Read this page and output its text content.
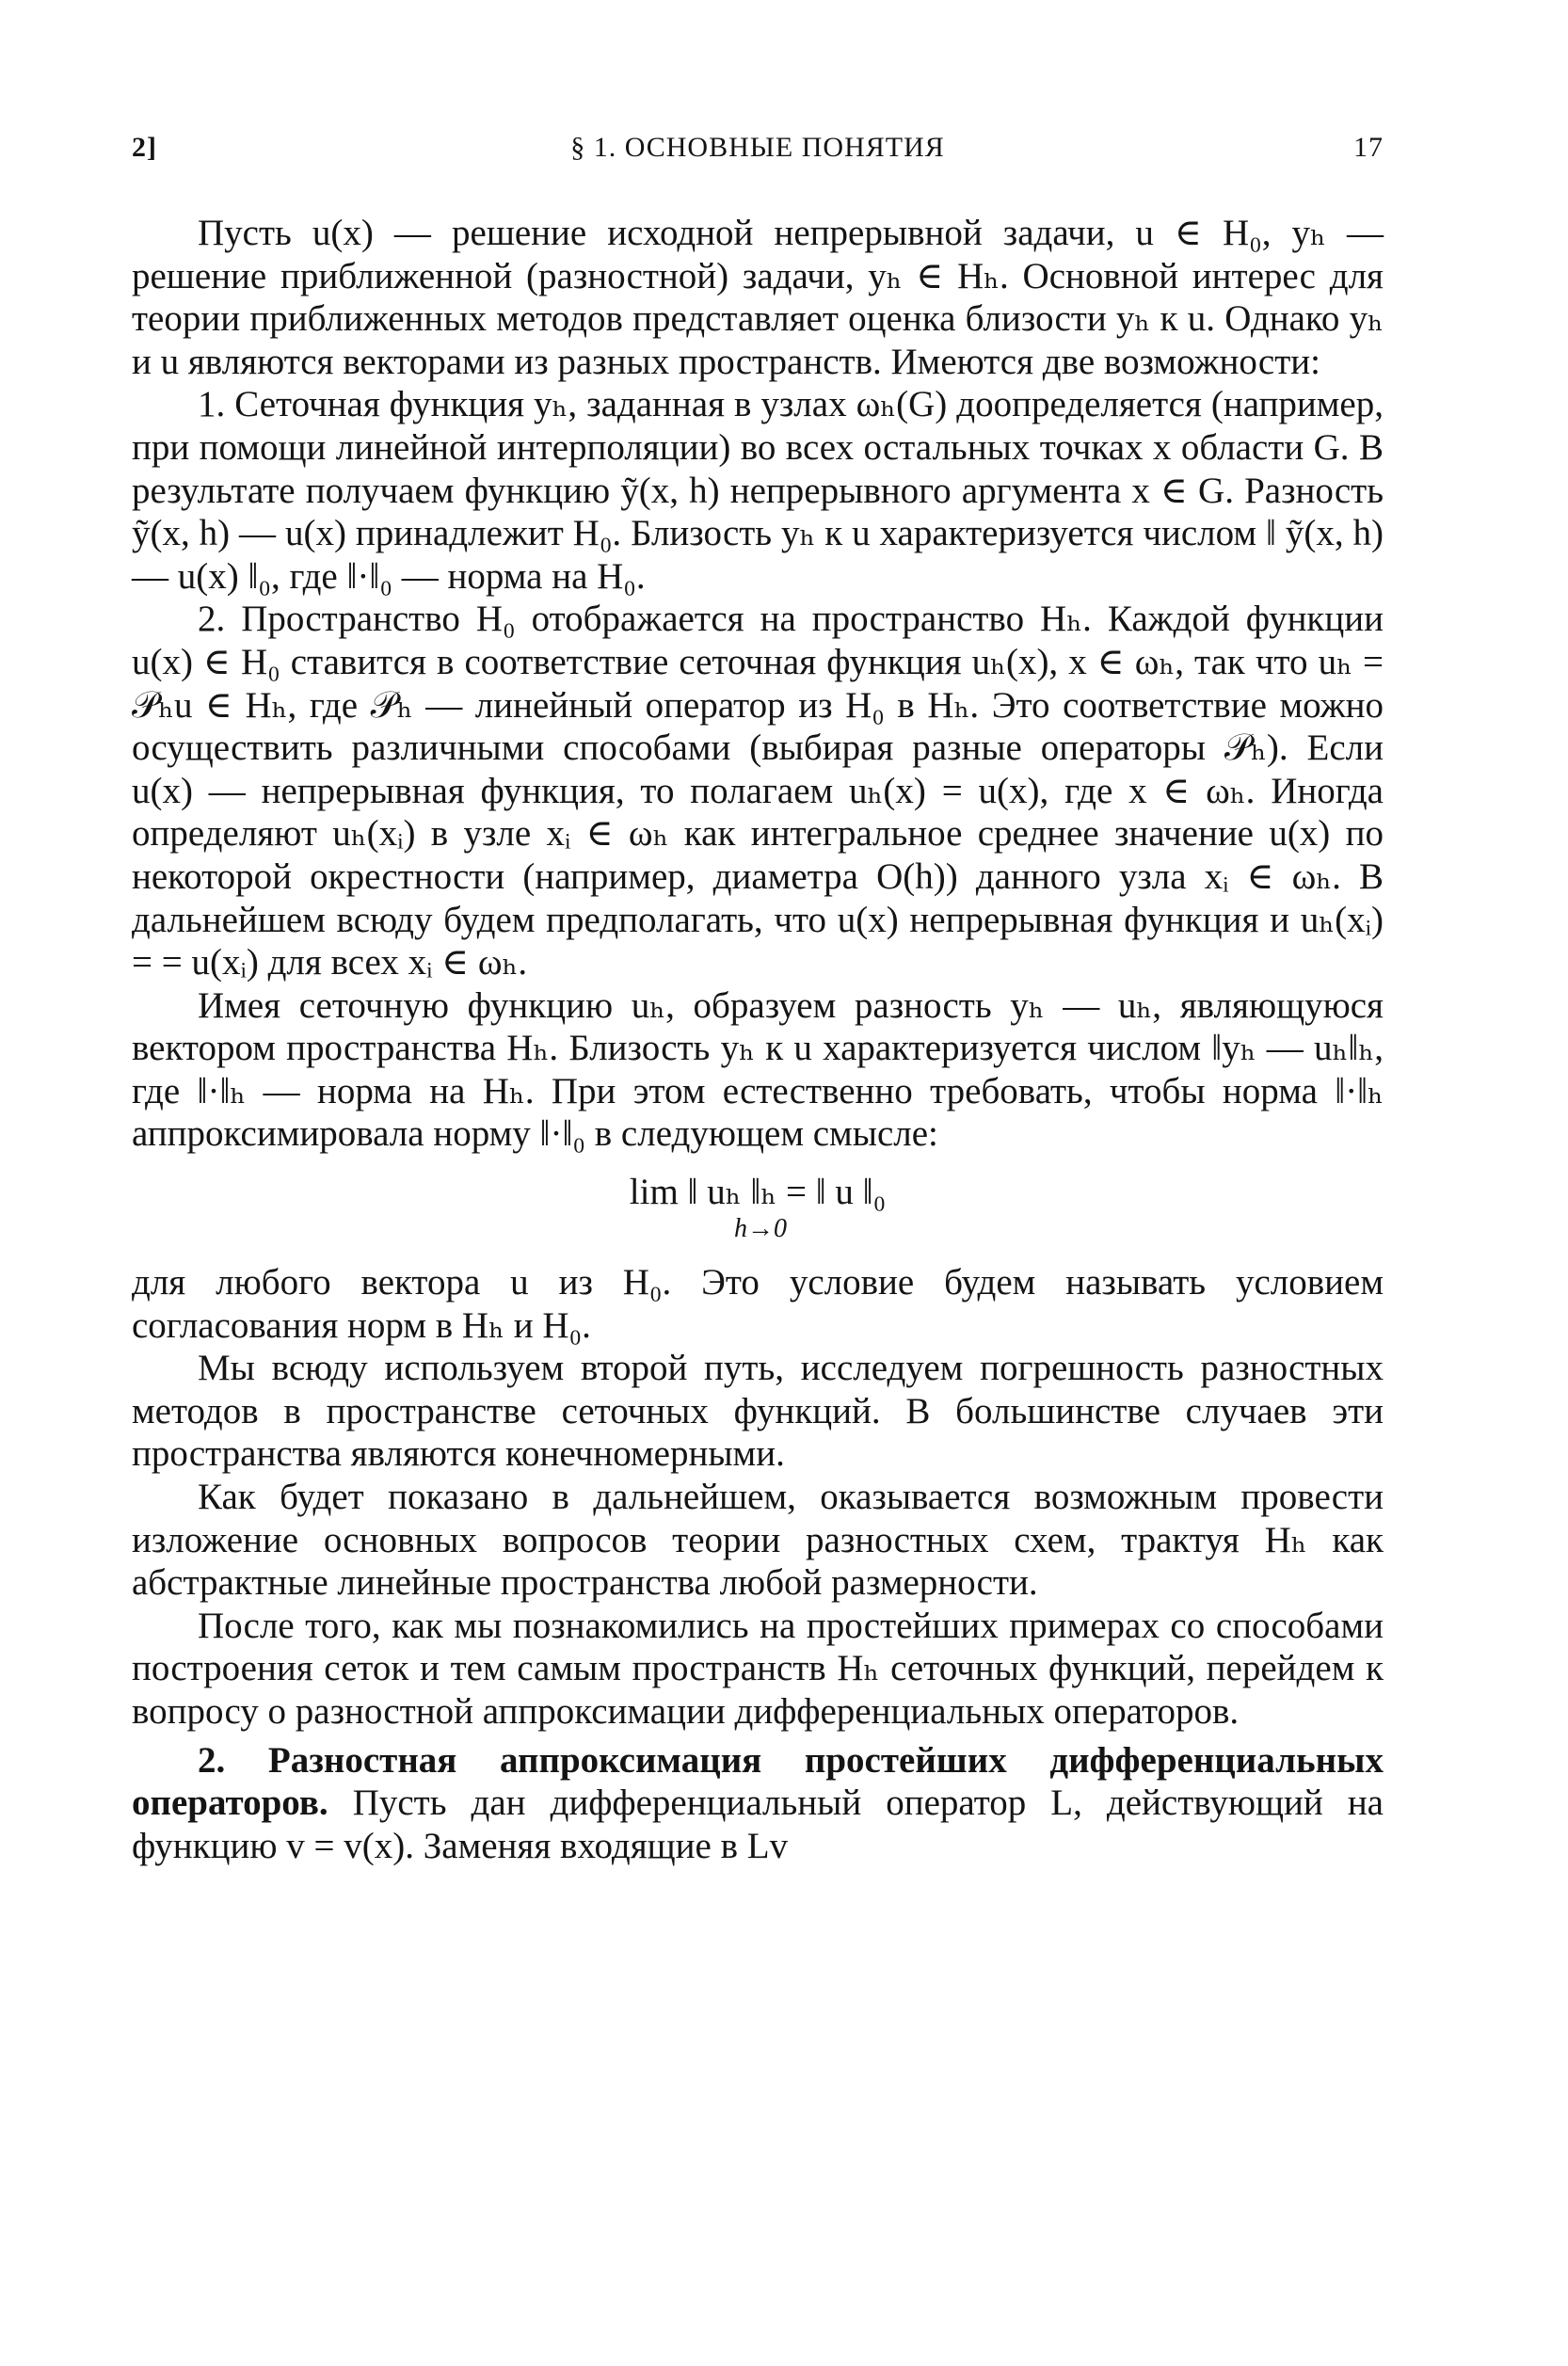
2]	§ 1. ОСНОВНЫЕ ПОНЯТИЯ	17

Пусть u(x) — решение исходной непрерывной задачи, u ∈ H₀, yₕ — решение приближенной (разностной) задачи, yₕ ∈ Hₕ. Основной интерес для теории приближенных методов представляет оценка близости yₕ к u. Однако yₕ и u являются векторами из разных пространств. Имеются две возможности:

1. Сеточная функция yₕ, заданная в узлах ωₕ(G) доопределяется (например, при помощи линейной интерполяции) во всех остальных точках x области G. В результате получаем функцию ỹ(x, h) непрерывного аргумента x ∈ G. Разность ỹ(x, h) — u(x) принадлежит H₀. Близость yₕ к u характеризуется числом ‖ ỹ(x, h) — u(x) ‖₀, где ‖·‖₀ — норма на H₀.

2. Пространство H₀ отображается на пространство Hₕ. Каждой функции u(x) ∈ H₀ ставится в соответствие сеточная функция uₕ(x), x ∈ ωₕ, так что uₕ = 𝒫ₕu ∈ Hₕ, где 𝒫ₕ — линейный оператор из H₀ в Hₕ. Это соответствие можно осуществить различными способами (выбирая разные операторы 𝒫ₕ). Если u(x) — непрерывная функция, то полагаем uₕ(x) = u(x), где x ∈ ωₕ. Иногда определяют uₕ(xᵢ) в узле xᵢ ∈ ωₕ как интегральное среднее значение u(x) по некоторой окрестности (например, диаметра O(h)) данного узла xᵢ ∈ ωₕ. В дальнейшем всюду будем предполагать, что u(x) непрерывная функция и uₕ(xᵢ) = = u(xᵢ) для всех xᵢ ∈ ωₕ.

Имея сеточную функцию uₕ, образуем разность yₕ — uₕ, являющуюся вектором пространства Hₕ. Близость yₕ к u характеризуется числом ‖yₕ — uₕ‖ₕ, где ‖·‖ₕ — норма на Hₕ. При этом естественно требовать, чтобы норма ‖·‖ₕ аппроксимировала норму ‖·‖₀ в следующем смысле:

lim ‖ uₕ ‖ₕ = ‖ u ‖₀
h→0

для любого вектора u из H₀. Это условие будем называть условием согласования норм в Hₕ и H₀.

Мы всюду используем второй путь, исследуем погрешность разностных методов в пространстве сеточных функций. В большинстве случаев эти пространства являются конечномерными.

Как будет показано в дальнейшем, оказывается возможным провести изложение основных вопросов теории разностных схем, трактуя Hₕ как абстрактные линейные пространства любой размерности.

После того, как мы познакомились на простейших примерах со способами построения сеток и тем самым пространств Hₕ сеточных функций, перейдем к вопросу о разностной аппроксимации дифференциальных операторов.

2. Разностная аппроксимация простейших дифференциальных операторов. Пусть дан дифференциальный оператор L, действующий на функцию v = v(x). Заменяя входящие в Lv
